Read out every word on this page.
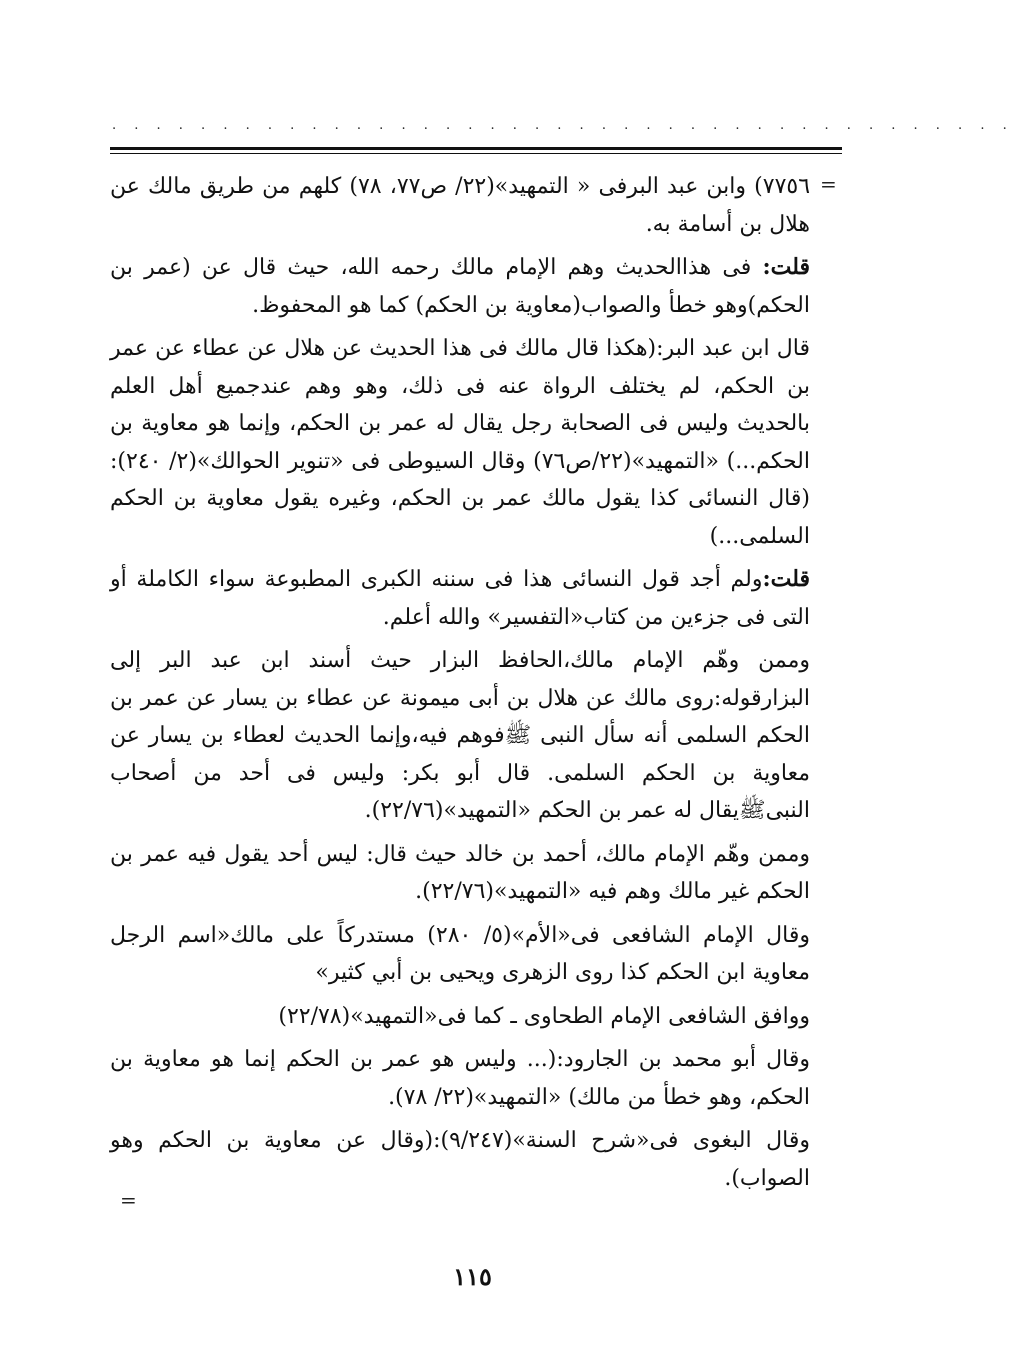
. . . . . . . . . . . . . . . . . . . . . . . . . . . . . . . . . . . . . . . . .
=

٧٧٥٦) وابن عبد البرفى « التمهيد»(٢٢/ ص٧٧، ٧٨) كلهم من طريق مالك عن هلال بن أسامة به.

قلت: فى هذاالحديث وهم الإمام مالك رحمه الله، حيث قال عن (عمر بن الحكم)وهو خطأ والصواب(معاوية بن الحكم) كما هو المحفوظ.

قال ابن عبد البر:(هكذا قال مالك فى هذا الحديث عن هلال عن عطاء عن عمر بن الحكم، لم يختلف الرواة عنه فى ذلك، وهو وهم عندجميع أهل العلم بالحديث وليس فى الصحابة رجل يقال له عمر بن الحكم، وإنما هو معاوية بن الحكم...) «التمهيد»(٢٢/ص٧٦) وقال السيوطى فى «تنوير الحوالك»(٢/ ٢٤٠):(قال النسائى كذا يقول مالك عمر بن الحكم، وغيره يقول معاوية بن الحكم السلمى...)

قلت:ولم أجد قول النسائى هذا فى سننه الكبرى المطبوعة سواء الكاملة أو التى فى جزءين من كتاب«التفسير» والله أعلم.

وممن وهّم الإمام مالك،الحافظ البزار حيث أسند ابن عبد البر إلى البزارقوله:روى مالك عن هلال بن أبى ميمونة عن عطاء بن يسار عن عمر بن الحكم السلمى أنه سأل النبى ﷺفوهم فيه،وإنما الحديث لعطاء بن يسار عن معاوية بن الحكم السلمى. قال أبو بكر: وليس فى أحد من أصحاب النبىﷺيقال له عمر بن الحكم «التمهيد»(٢٢/٧٦).

وممن وهّم الإمام مالك، أحمد بن خالد حيث قال: ليس أحد يقول فيه عمر بن الحكم غير مالك وهم فيه «التمهيد»(٢٢/٧٦).

وقال الإمام الشافعى فى«الأم»(٥/ ٢٨٠) مستدركاً على مالك«اسم الرجل معاوية ابن الحكم كذا روى الزهرى ويحيى بن أبي كثير»

ووافق الشافعى الإمام الطحاوى ـ كما فى«التمهيد»(٢٢/٧٨)

وقال أبو محمد بن الجارود:(... وليس هو عمر بن الحكم إنما هو معاوية بن الحكم، وهو خطأ من مالك) «التمهيد»(٢٢/ ٧٨).

وقال البغوى فى«شرح السنة»(٩/٢٤٧):(وقال عن معاوية بن الحكم وهو الصواب).

=
١١٥
